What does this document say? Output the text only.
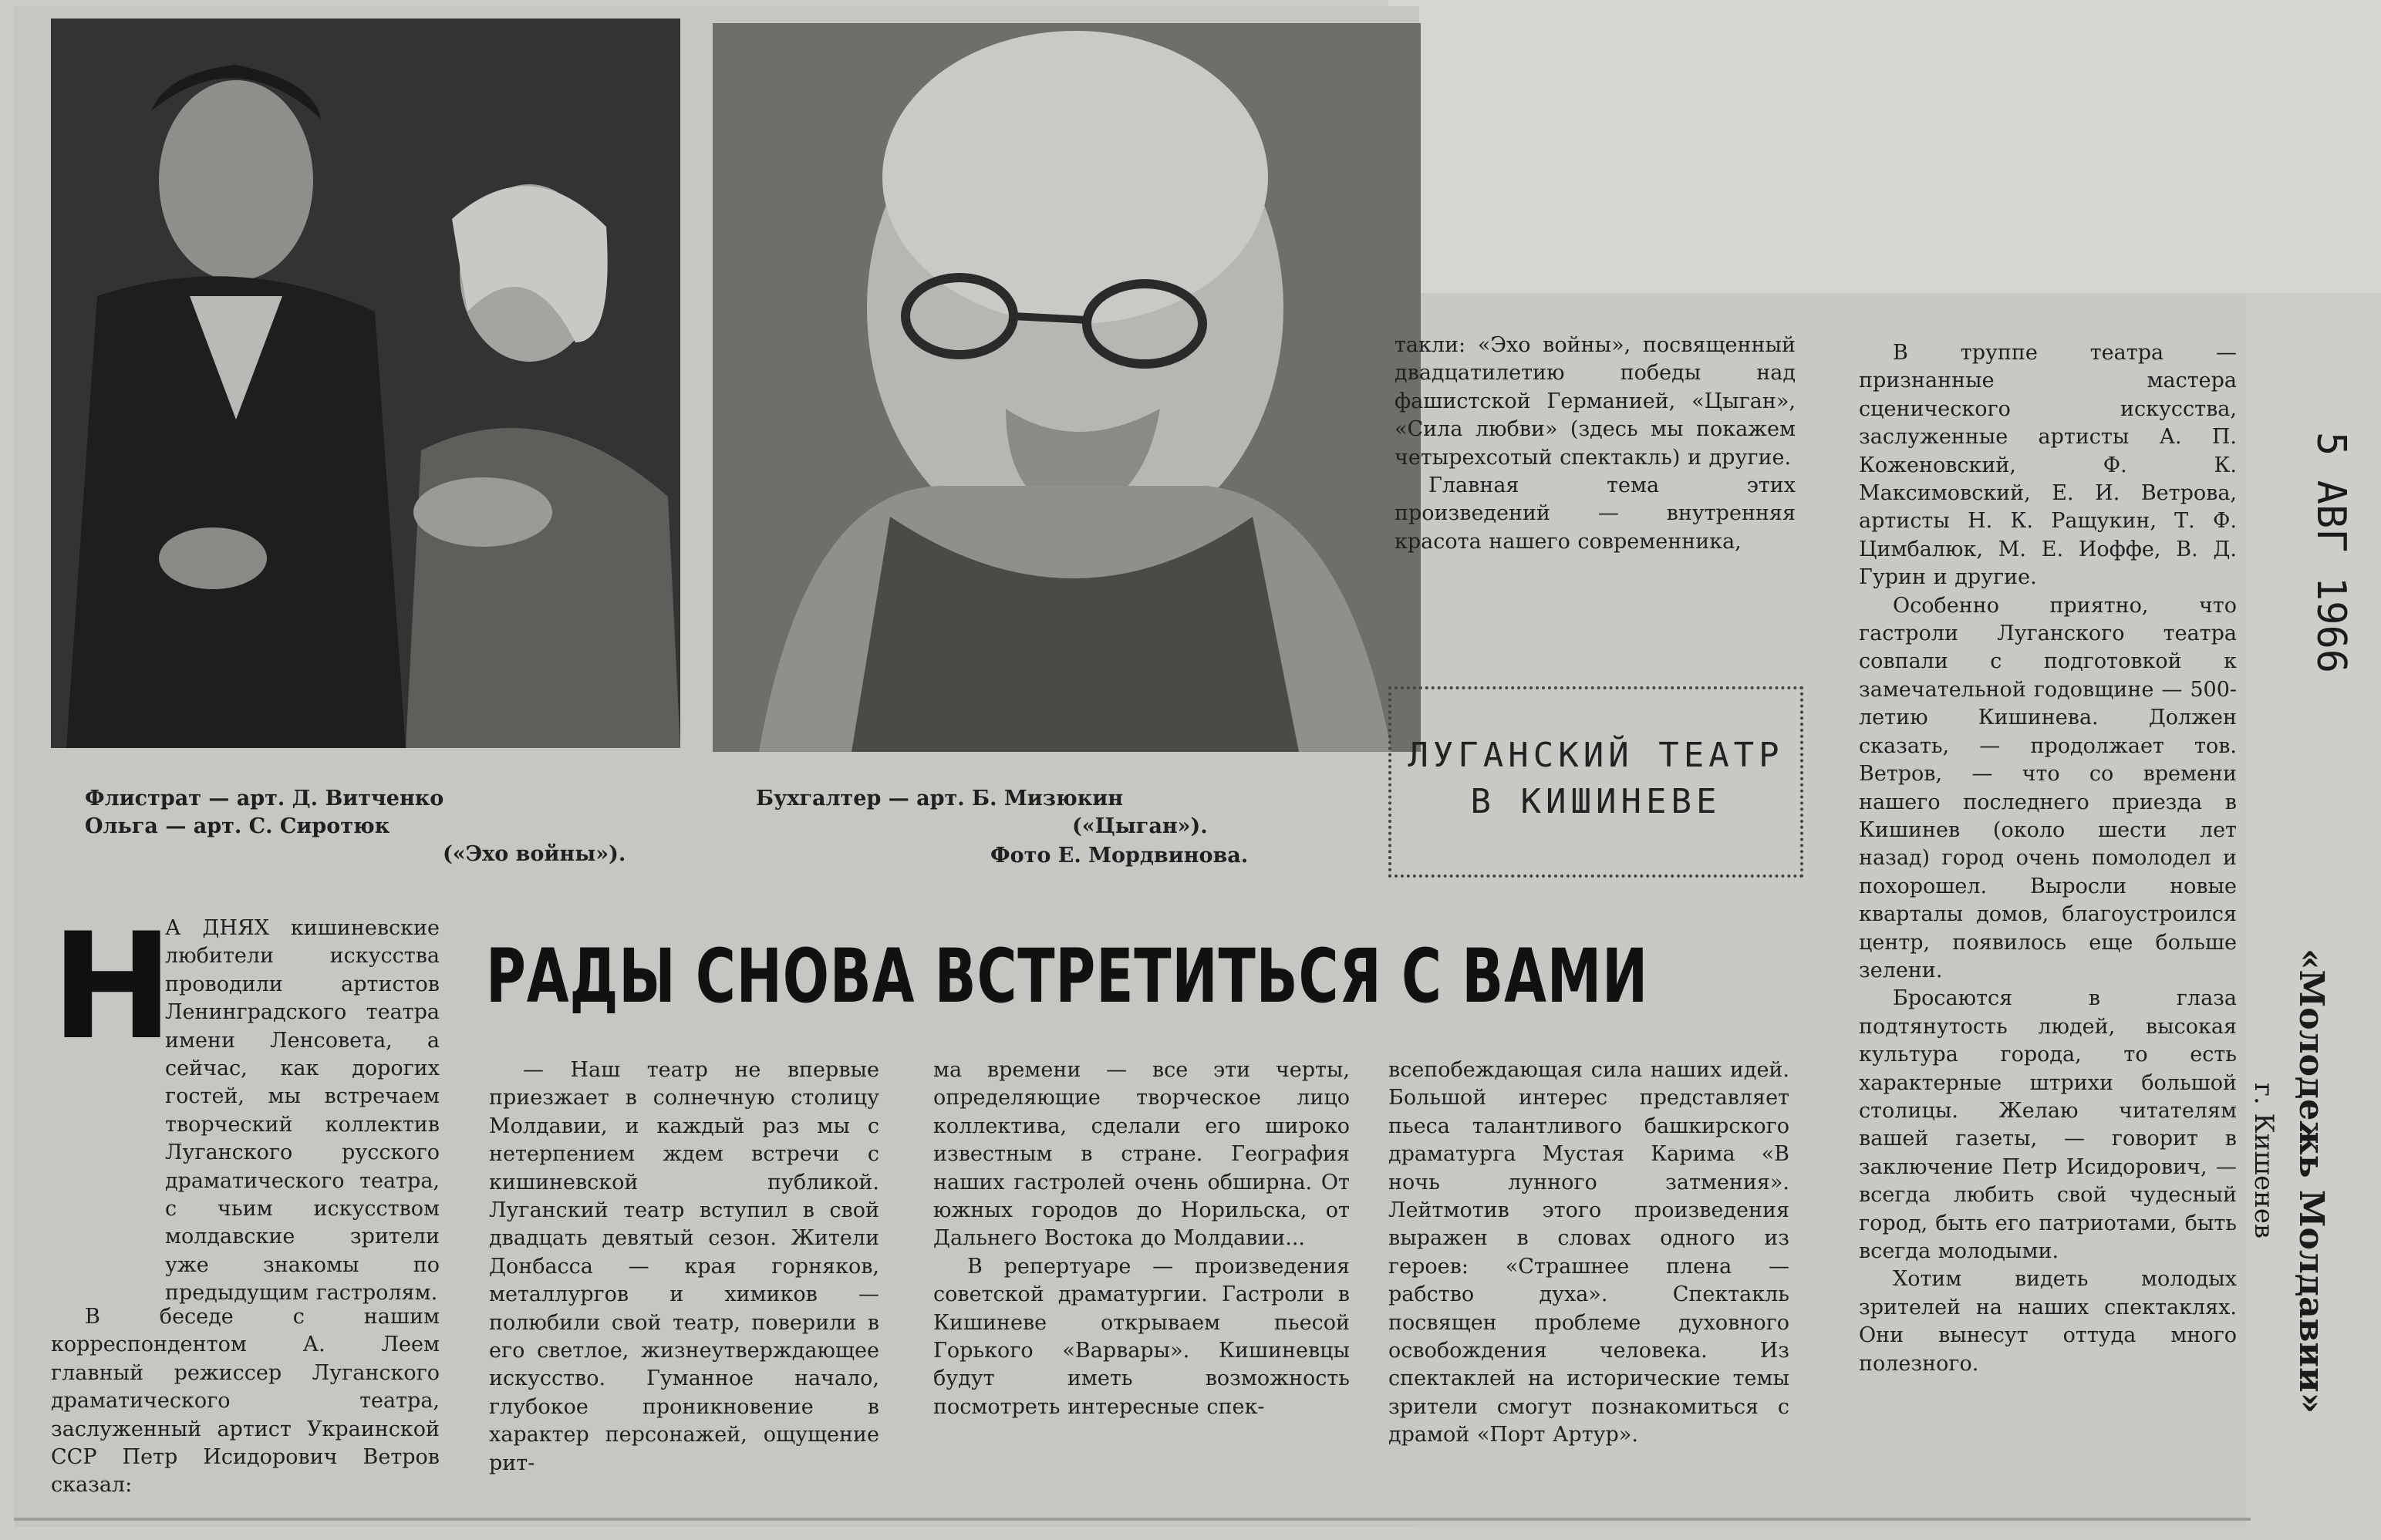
Флистрат — арт. Д. Витченко
Ольга — арт. С. Сиротюк
(«Эхо войны»).
Бухгалтер — арт. Б. Мизюкин
(«Цыган»).
Фото Е. Мордвинова.
ЛУГАНСКИЙ ТЕАТР
В КИШИНЕВЕ
РАДЫ СНОВА ВСТРЕТИТЬСЯ С ВАМИ
Н

А ДНЯХ кишиневские любители искусства проводили артистов Ленинградского театра имени Ленсовета, а сейчас, как дорогих гостей, мы встречаем творческий коллектив Луганского русского драматического театра, с чьим искусством молдавские зрители уже знакомы по предыдущим гастролям.

В беседе с нашим корреспондентом А. Леем главный режиссер Луганского драматического театра, заслуженный артист Украинской ССР Петр Исидорович Ветров сказал:

— Наш театр не впервые приезжает в солнечную столицу Молдавии, и каждый раз мы с нетерпением ждем встречи с кишиневской публикой. Луганский театр вступил в свой двадцать девятый сезон. Жители Донбасса — края горняков, металлургов и химиков — полюбили свой театр, поверили в его светлое, жизнеутверждающее искусство. Гуманное начало, глубокое проникновение в характер персонажей, ощущение рит-

ма времени — все эти черты, определяющие творческое лицо коллектива, сделали его широко известным в стране. География наших гастролей очень обширна. От южных городов до Норильска, от Дальнего Востока до Молдавии...

В репертуаре — произведения советской драматургии. Гастроли в Кишиневе открываем пьесой Горького «Варвары». Кишиневцы будут иметь возможность посмотреть интересные спек-

такли: «Эхо войны», посвященный двадцатилетию победы над фашистской Германией, «Цыган», «Сила любви» (здесь мы покажем четырехсотый спектакль) и другие.

Главная тема этих произведений — внутренняя красота нашего современника,

всепобеждающая сила наших идей. Большой интерес представляет пьеса талантливого башкирского драматурга Мустая Карима «В ночь лунного затмения». Лейтмотив этого произведения выражен в словах одного из героев: «Страшнее плена — рабство духа». Спектакль посвящен проблеме духовного освобождения человека. Из спектаклей на исторические темы зрители смогут познакомиться с драмой «Порт Артур».

В труппе театра — признанные мастера сценического искусства, заслуженные артисты А. П. Коженовский, Ф. К. Максимовский, Е. И. Ветрова, артисты Н. К. Ращукин, Т. Ф. Цимбалюк, М. Е. Иоффе, В. Д. Гурин и другие.

Особенно приятно, что гастроли Луганского театра совпали с подготовкой к замечательной годовщине — 500-летию Кишинева. Должен сказать, — продолжает тов. Ветров, — что со времени нашего последнего приезда в Кишинев (около шести лет назад) город очень помолодел и похорошел. Выросли новые кварталы домов, благоустроился центр, появилось еще больше зелени.

Бросаются в глаза подтянутость людей, высокая культура города, то есть характерные штрихи большой столицы. Желаю читателям вашей газеты, — говорит в заключение Петр Исидорович, — всегда любить свой чудесный город, быть его патриотами, быть всегда молодыми.

Хотим видеть молодых зрителей на наших спектаклях. Они вынесут оттуда много полезного.

5 АВГ 1966
«Молодежь Молдавии»
г. Кишенев
